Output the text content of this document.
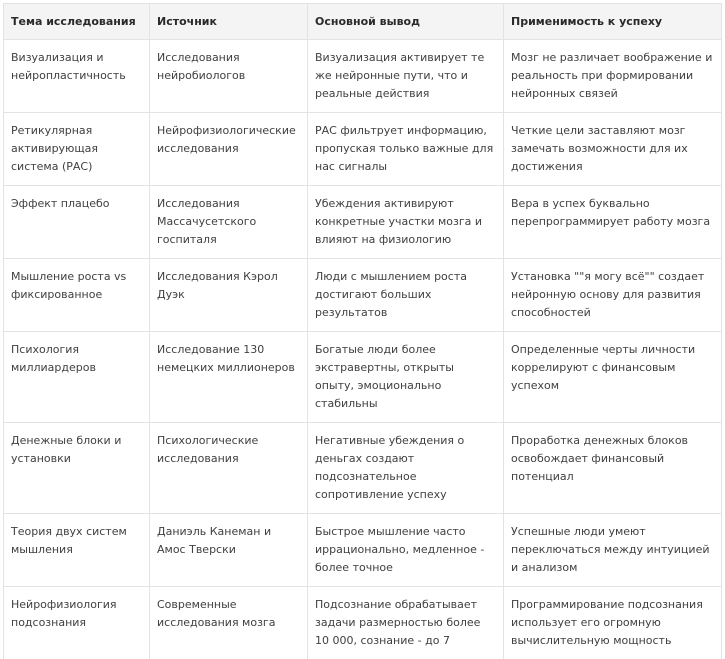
Тема исследования	Источник	Основной вывод	Применимость к успеху
Визуализация и нейропластичность	Исследования нейробиологов	Визуализация активирует те же нейронные пути, что и реальные действия	Мозг не различает воображение и реальность при формировании нейронных связей
Ретикулярная активирующая система (РАС)	Нейрофизиологические исследования	РАС фильтрует информацию, пропуская только важные для нас сигналы	Четкие цели заставляют мозг замечать возможности для их достижения
Эффект плацебо	Исследования Массачусетского госпиталя	Убеждения активируют конкретные участки мозга и влияют на физиологию	Вера в успех буквально перепрограммирует работу мозга
Мышление роста vs фиксированное	Исследования Кэрол Дуэк	Люди с мышлением роста достигают больших результатов	Установка ""я могу всё"" создает нейронную основу для развития способностей
Психология миллиардеров	Исследование 130 немецких миллионеров	Богатые люди более экстравертны, открыты опыту, эмоционально стабильны	Определенные черты личности коррелируют с финансовым успехом
Денежные блоки и установки	Психологические исследования	Негативные убеждения о деньгах создают подсознательное сопротивление успеху	Проработка денежных блоков освобождает финансовый потенциал
Теория двух систем мышления	Даниэль Канеман и Амос Тверски	Быстрое мышление часто иррационально, медленное - более точное	Успешные люди умеют переключаться между интуицией и анализом
Нейрофизиология подсознания	Современные исследования мозга	Подсознание обрабатывает задачи размерностью более 10 000, сознание - до 7	Программирование подсознания использует его огромную вычислительную мощность
